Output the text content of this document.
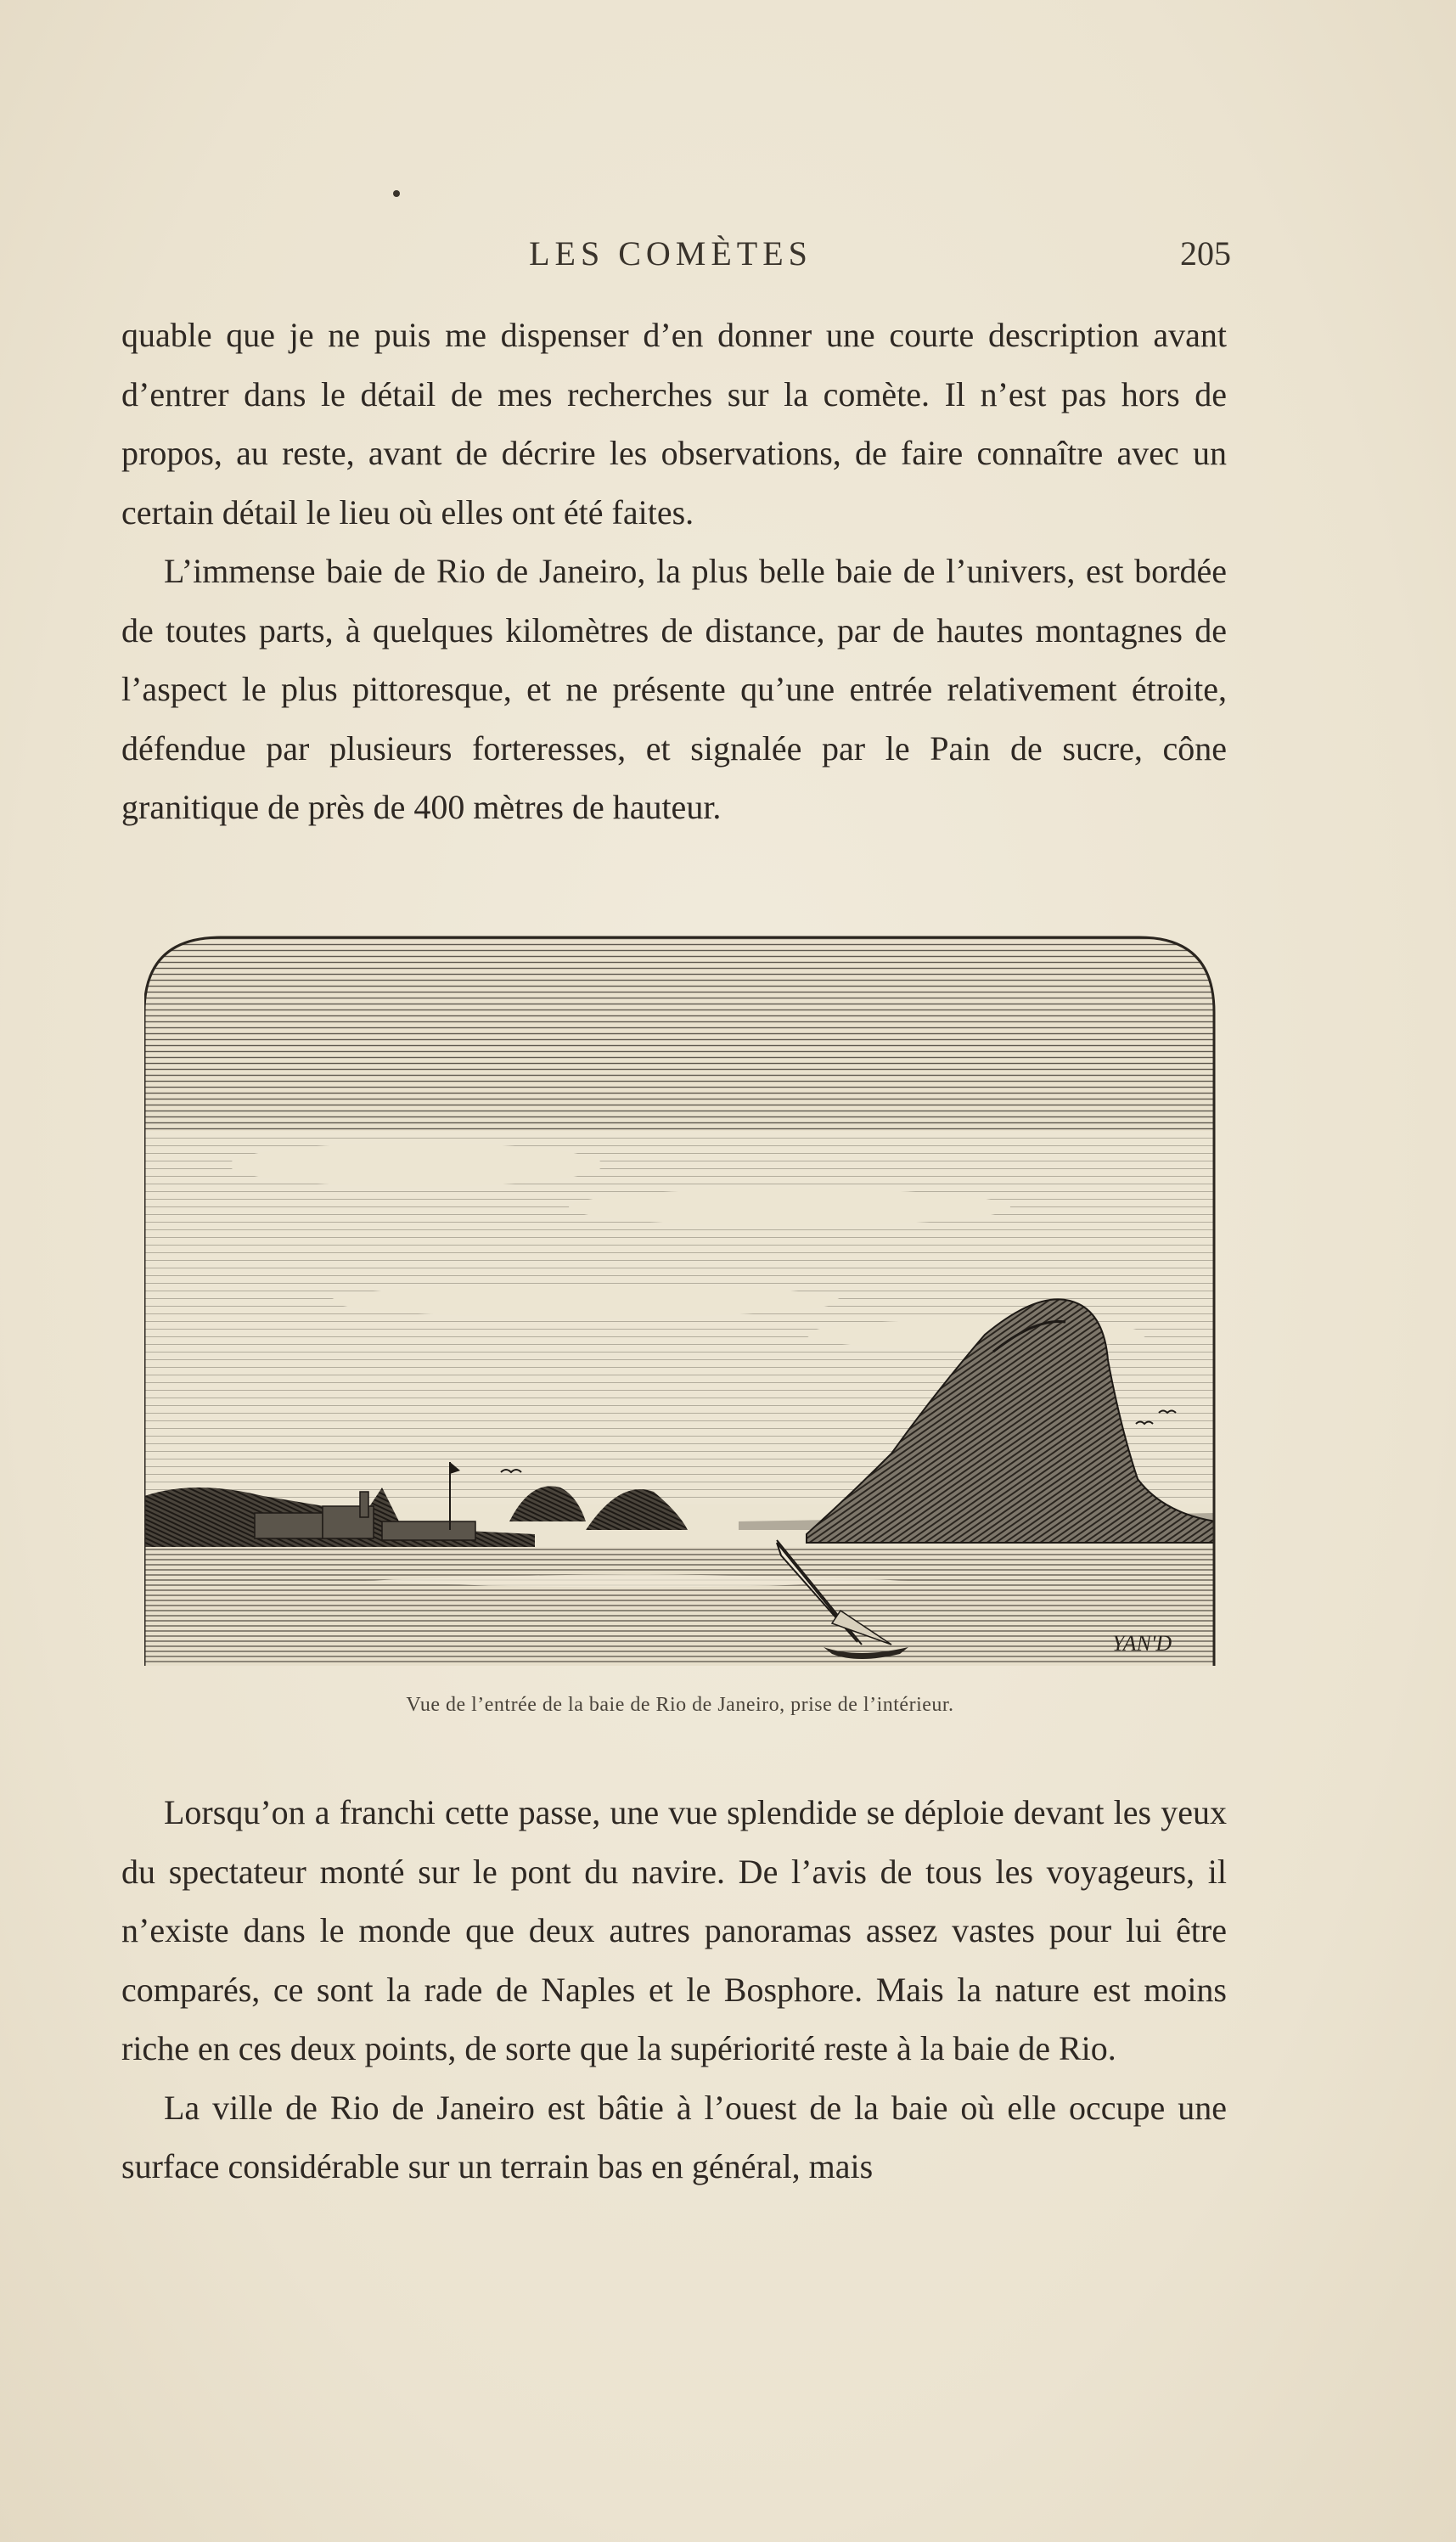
LES COMÈTES	205

quable que je ne puis me dispenser d’en donner une courte description avant d’entrer dans le détail de mes recherches sur la comète. Il n’est pas hors de propos, au reste, avant de décrire les observations, de faire connaître avec un certain détail le lieu où elles ont été faites.

L’immense baie de Rio de Janeiro, la plus belle baie de l’univers, est bordée de toutes parts, à quelques kilomètres de distance, par de hautes montagnes de l’aspect le plus pittoresque, et ne présente qu’une entrée relativement étroite, défendue par plusieurs forteresses, et signalée par le Pain de sucre, cône granitique de près de 400 mètres de hauteur.

YAN'D
Vue de l’entrée de la baie de Rio de Janeiro, prise de l’intérieur.

Lorsqu’on a franchi cette passe, une vue splendide se déploie devant les yeux du spectateur monté sur le pont du navire. De l’avis de tous les voyageurs, il n’existe dans le monde que deux autres panoramas assez vastes pour lui être comparés, ce sont la rade de Naples et le Bosphore. Mais la nature est moins riche en ces deux points, de sorte que la supériorité reste à la baie de Rio.

La ville de Rio de Janeiro est bâtie à l’ouest de la baie où elle occupe une surface considérable sur un terrain bas en général, mais
